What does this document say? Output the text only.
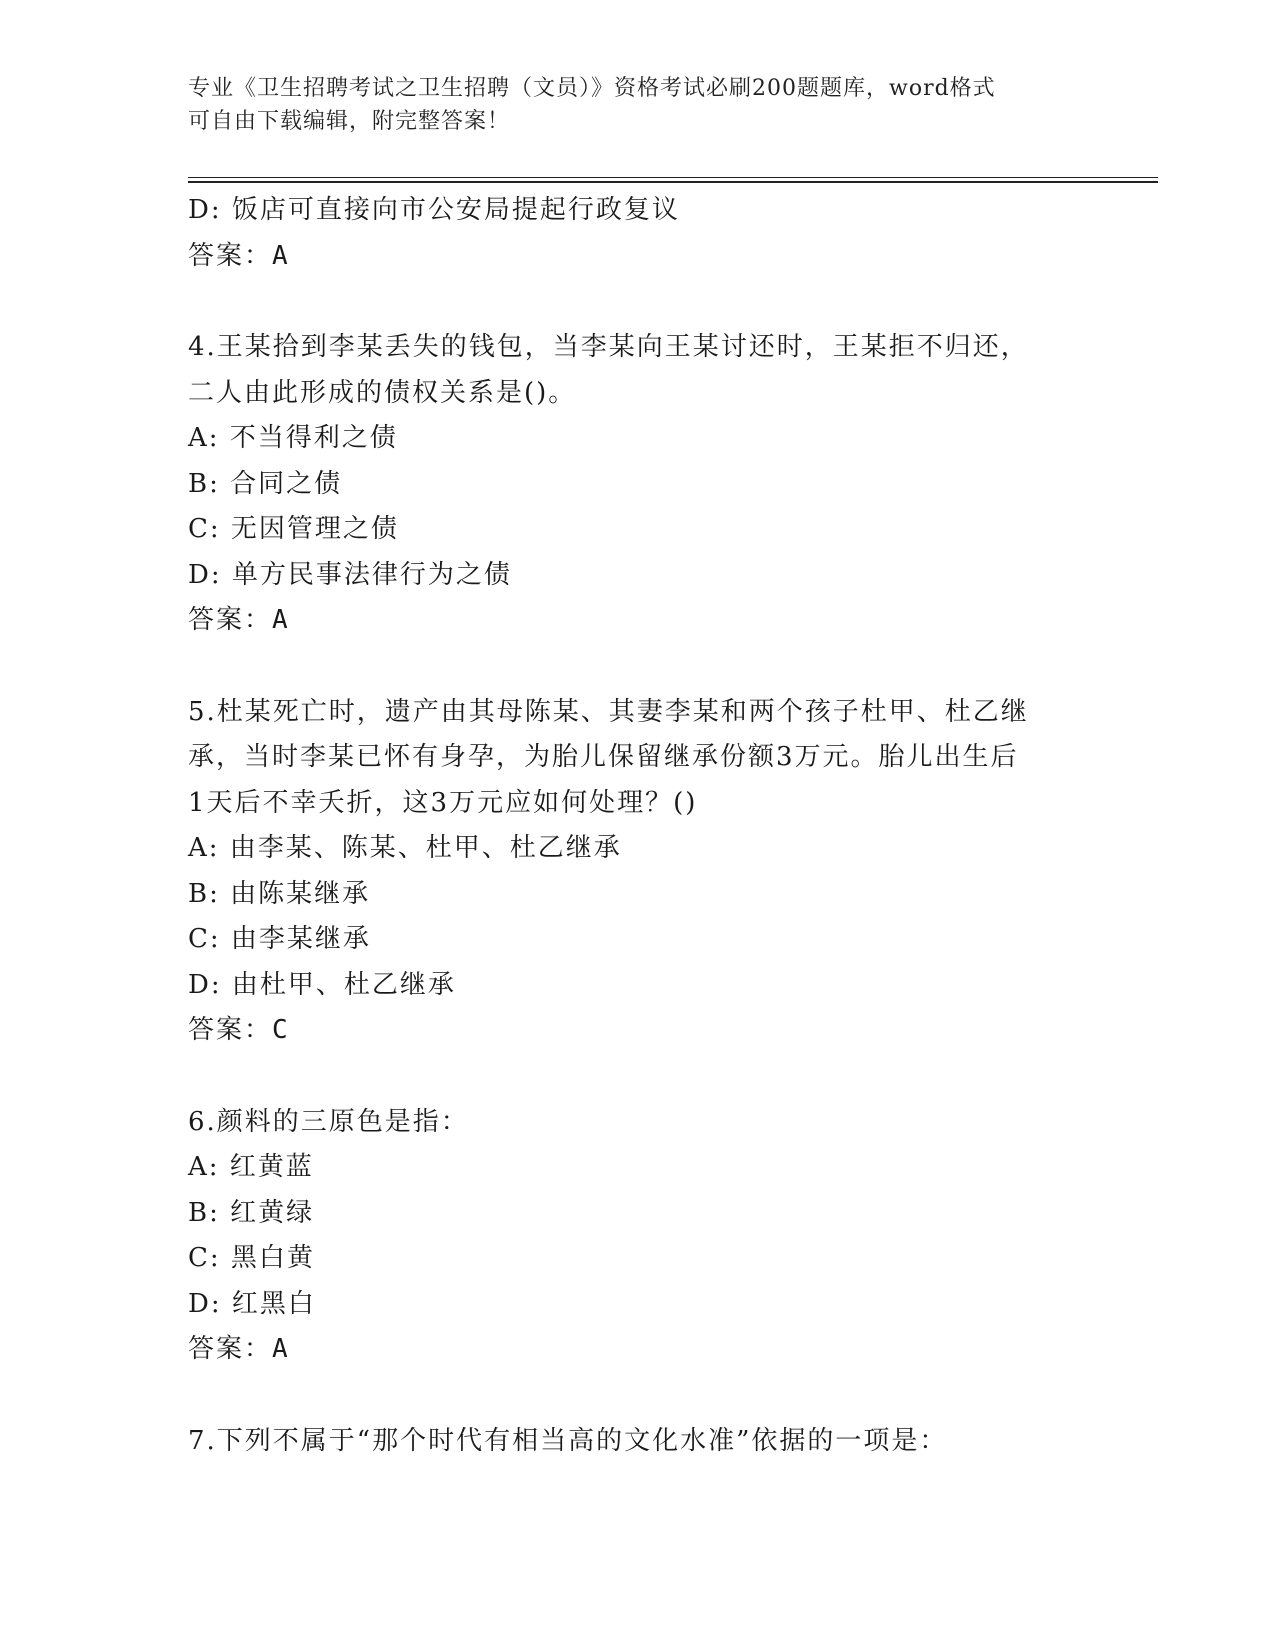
专业《卫生招聘考试之卫生招聘（文员）》资格考试必刷200题题库，word格式
可自由下载编辑，附完整答案！
D: 饭店可直接向市公安局提起行政复议
答案：A
4.王某拾到李某丢失的钱包，当李某向王某讨还时，王某拒不归还，
二人由此形成的债权关系是()。
A: 不当得利之债
B: 合同之债
C: 无因管理之债
D: 单方民事法律行为之债
答案：A
5.杜某死亡时，遗产由其母陈某、其妻李某和两个孩子杜甲、杜乙继
承，当时李某已怀有身孕，为胎儿保留继承份额3万元。胎儿出生后
1天后不幸夭折，这3万元应如何处理？()
A: 由李某、陈某、杜甲、杜乙继承
B: 由陈某继承
C: 由李某继承
D: 由杜甲、杜乙继承
答案：C
6.颜料的三原色是指：
A: 红黄蓝
B: 红黄绿
C: 黑白黄
D: 红黑白
答案：A
7.下列不属于“那个时代有相当高的文化水准”依据的一项是：
